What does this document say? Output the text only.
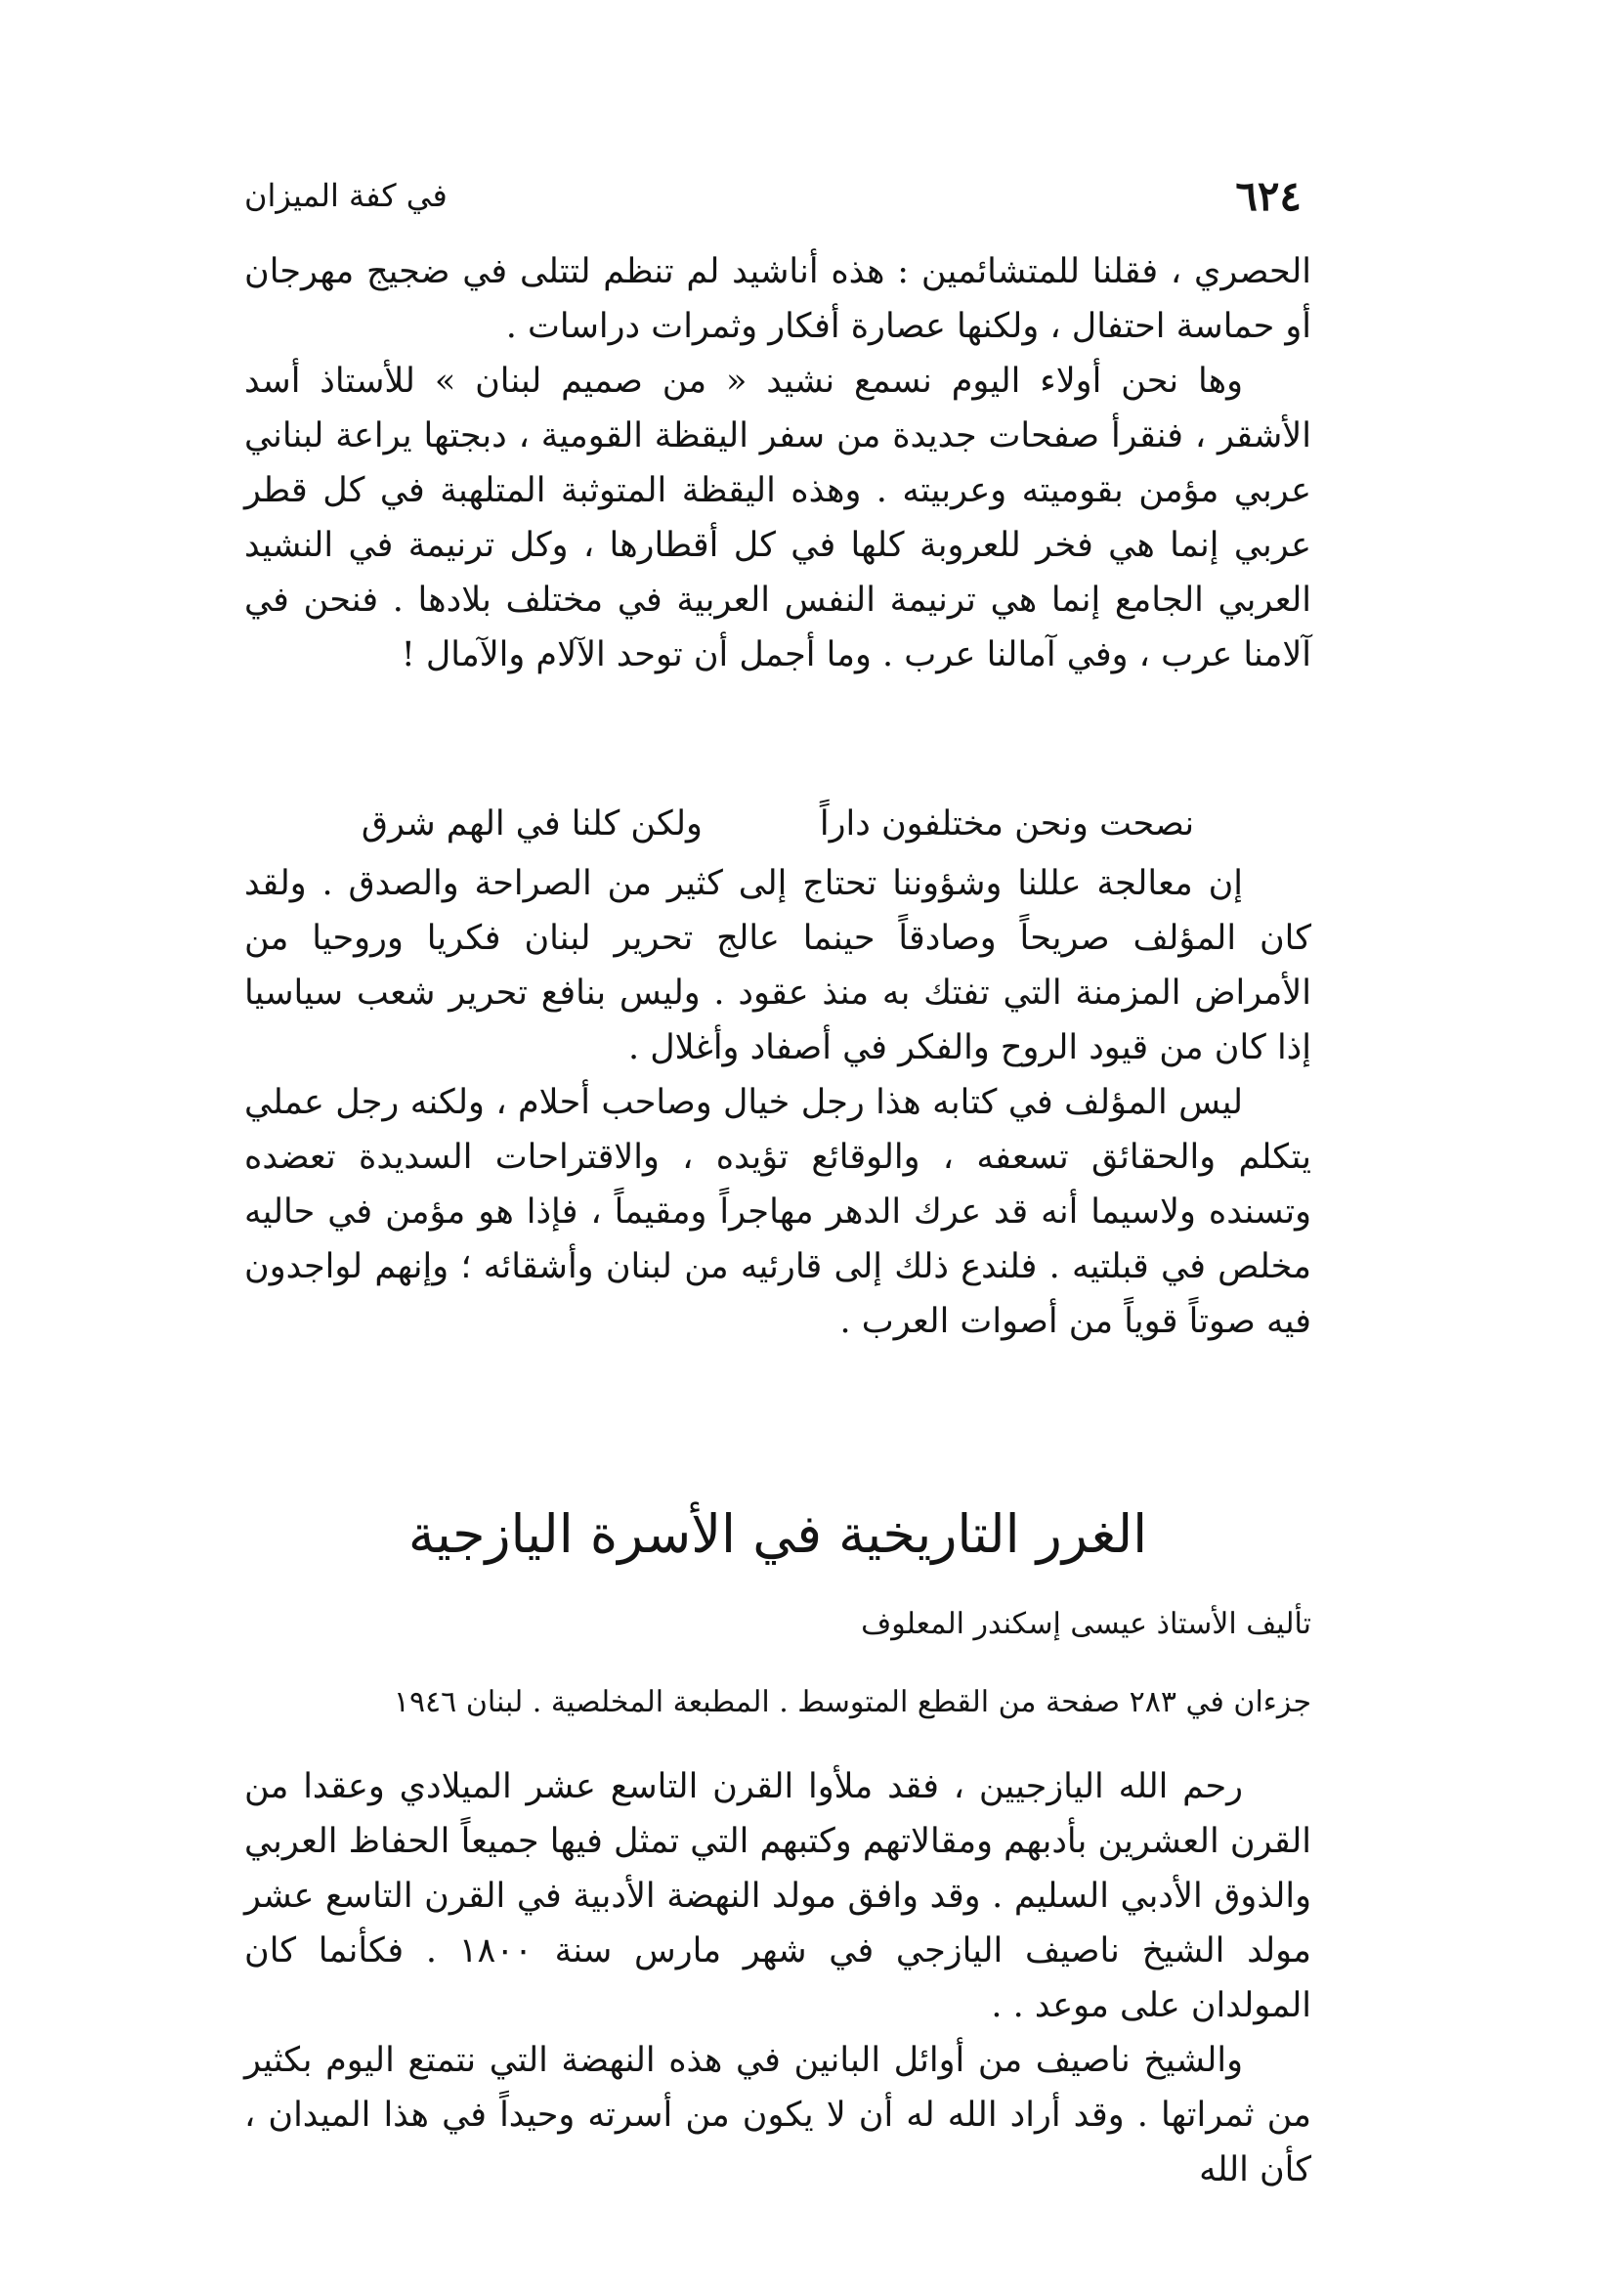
٦٢٤
في كفة الميزان

الحصري ، فقلنا للمتشائمين : هذه أناشيد لم تنظم لتتلى في ضجيج مهرجان أو حماسة احتفال ، ولكنها عصارة أفكار وثمرات دراسات .

وها نحن أولاء اليوم نسمع نشيد « من صميم لبنان » للأستاذ أسد الأشقر ، فنقرأ صفحات جديدة من سفر اليقظة القومية ، دبجتها يراعة لبناني عربي مؤمن بقوميته وعربيته . وهذه اليقظة المتوثبة المتلهبة في كل قطر عربي إنما هي فخر للعروبة كلها في كل أقطارها ، وكل ترنيمة في النشيد العربي الجامع إنما هي ترنيمة النفس العربية في مختلف بلادها . فنحن في آلامنا عرب ، وفي آمالنا عرب . وما أجمل أن توحد الآلام والآمال !

نصحت ونحن مختلفون داراً
ولكن كلنا في الهم شرق

إن معالجة عللنا وشؤوننا تحتاج إلى كثير من الصراحة والصدق . ولقد كان المؤلف صريحاً وصادقاً حينما عالج تحرير لبنان فكريا وروحيا من الأمراض المزمنة التي تفتك به منذ عقود . وليس بنافع تحرير شعب سياسيا إذا كان من قيود الروح والفكر في أصفاد وأغلال .

ليس المؤلف في كتابه هذا رجل خيال وصاحب أحلام ، ولكنه رجل عملي يتكلم والحقائق تسعفه ، والوقائع تؤيده ، والاقتراحات السديدة تعضده وتسنده ولاسيما أنه قد عرك الدهر مهاجراً ومقيماً ، فإذا هو مؤمن في حاليه مخلص في قبلتيه . فلندع ذلك إلى قارئيه من لبنان وأشقائه ؛ وإنهم لواجدون فيه صوتاً قوياً من أصوات العرب .

الغرر التاريخية في الأسرة اليازجية
تأليف الأستاذ عيسى إسكندر المعلوف
جزءان في ٢٨٣ صفحة من القطع المتوسط . المطبعة المخلصية . لبنان ١٩٤٦

رحم الله اليازجيين ، فقد ملأوا القرن التاسع عشر الميلادي وعقدا من القرن العشرين بأدبهم ومقالاتهم وكتبهم التي تمثل فيها جميعاً الحفاظ العربي والذوق الأدبي السليم . وقد وافق مولد النهضة الأدبية في القرن التاسع عشر مولد الشيخ ناصيف اليازجي في شهر مارس سنة ١٨٠٠ . فكأنما كان المولدان على موعد . .

والشيخ ناصيف من أوائل البانين في هذه النهضة التي نتمتع اليوم بكثير من ثمراتها . وقد أراد الله له أن لا يكون من أسرته وحيداً في هذا الميدان ، كأن الله
